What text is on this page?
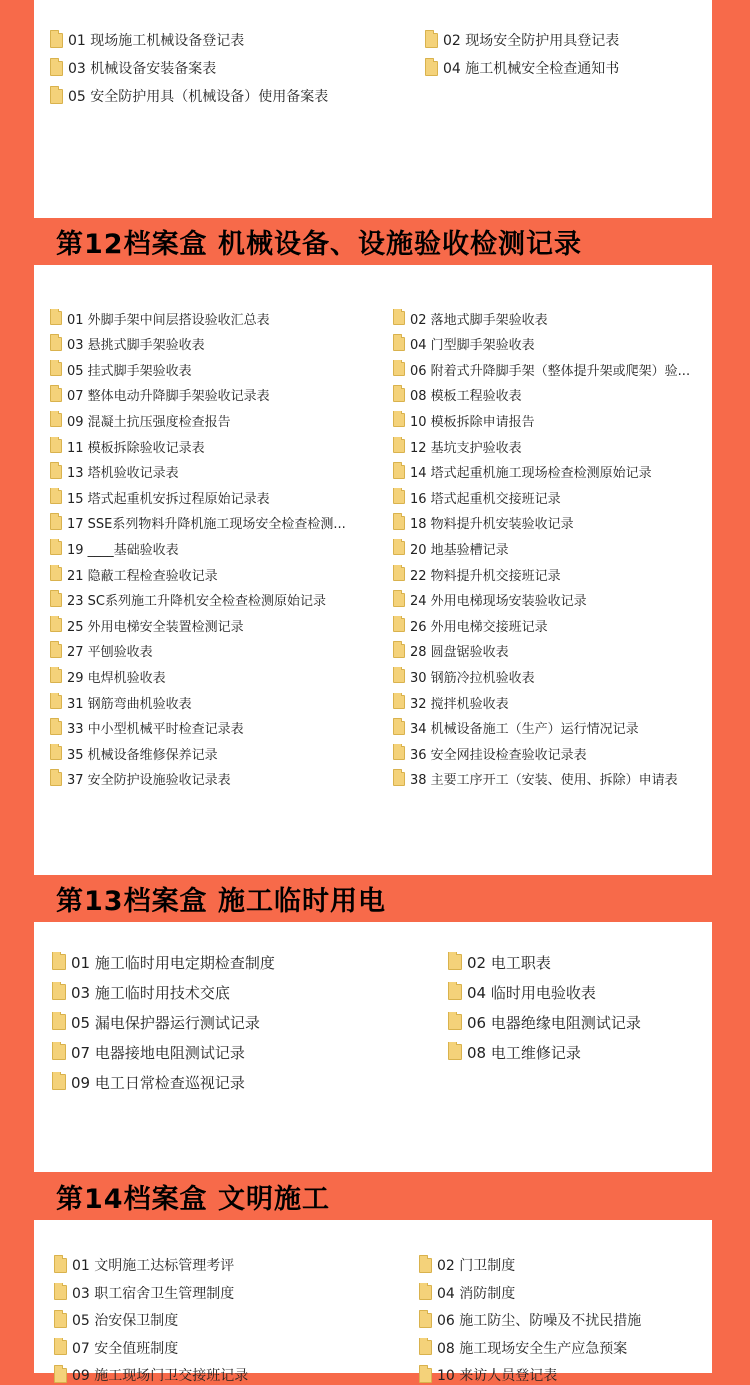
01 现场施工机械设备登记表	02 现场安全防护用具登记表
03 机械设备安装备案表	04 施工机械安全检查通知书
05 安全防护用具（机械设备）使用备案表
第12档案盒 机械设备、设施验收检测记录
01 外脚手架中间层搭设验收汇总表	02 落地式脚手架验收表
03 悬挑式脚手架验收表	04 门型脚手架验收表
05 挂式脚手架验收表	06 附着式升降脚手架（整体提升架或爬架）验...
07 整体电动升降脚手架验收记录表	08 模板工程验收表
09 混凝土抗压强度检查报告	10 模板拆除申请报告
11 模板拆除验收记录表	12 基坑支护验收表
13 塔机验收记录表	14 塔式起重机施工现场检查检测原始记录
15 塔式起重机安拆过程原始记录表	16 塔式起重机交接班记录
17 SSE系列物料升降机施工现场安全检查检测...	18 物料提升机安装验收记录
19 ____基础验收表	20 地基验槽记录
21 隐蔽工程检查验收记录	22 物料提升机交接班记录
23 SC系列施工升降机安全检查检测原始记录	24 外用电梯现场安装验收记录
25 外用电梯安全装置检测记录	26 外用电梯交接班记录
27 平刨验收表	28 圆盘锯验收表
29 电焊机验收表	30 钢筋冷拉机验收表
31 钢筋弯曲机验收表	32 搅拌机验收表
33 中小型机械平时检查记录表	34 机械设备施工（生产）运行情况记录
35 机械设备维修保养记录	36 安全网挂设检查验收记录表
37 安全防护设施验收记录表	38 主要工序开工（安装、使用、拆除）申请表
第13档案盒 施工临时用电
01 施工临时用电定期检查制度	02 电工职表
03 施工临时用技术交底	04 临时用电验收表
05 漏电保护器运行测试记录	06 电器绝缘电阻测试记录
07 电器接地电阻测试记录	08 电工维修记录
09 电工日常检查巡视记录
第14档案盒 文明施工
01 文明施工达标管理考评	02 门卫制度
03 职工宿舍卫生管理制度	04 消防制度
05 治安保卫制度	06 施工防尘、防噪及不扰民措施
07 安全值班制度	08 施工现场安全生产应急预案
09 施工现场门卫交接班记录	10 来访人员登记表
